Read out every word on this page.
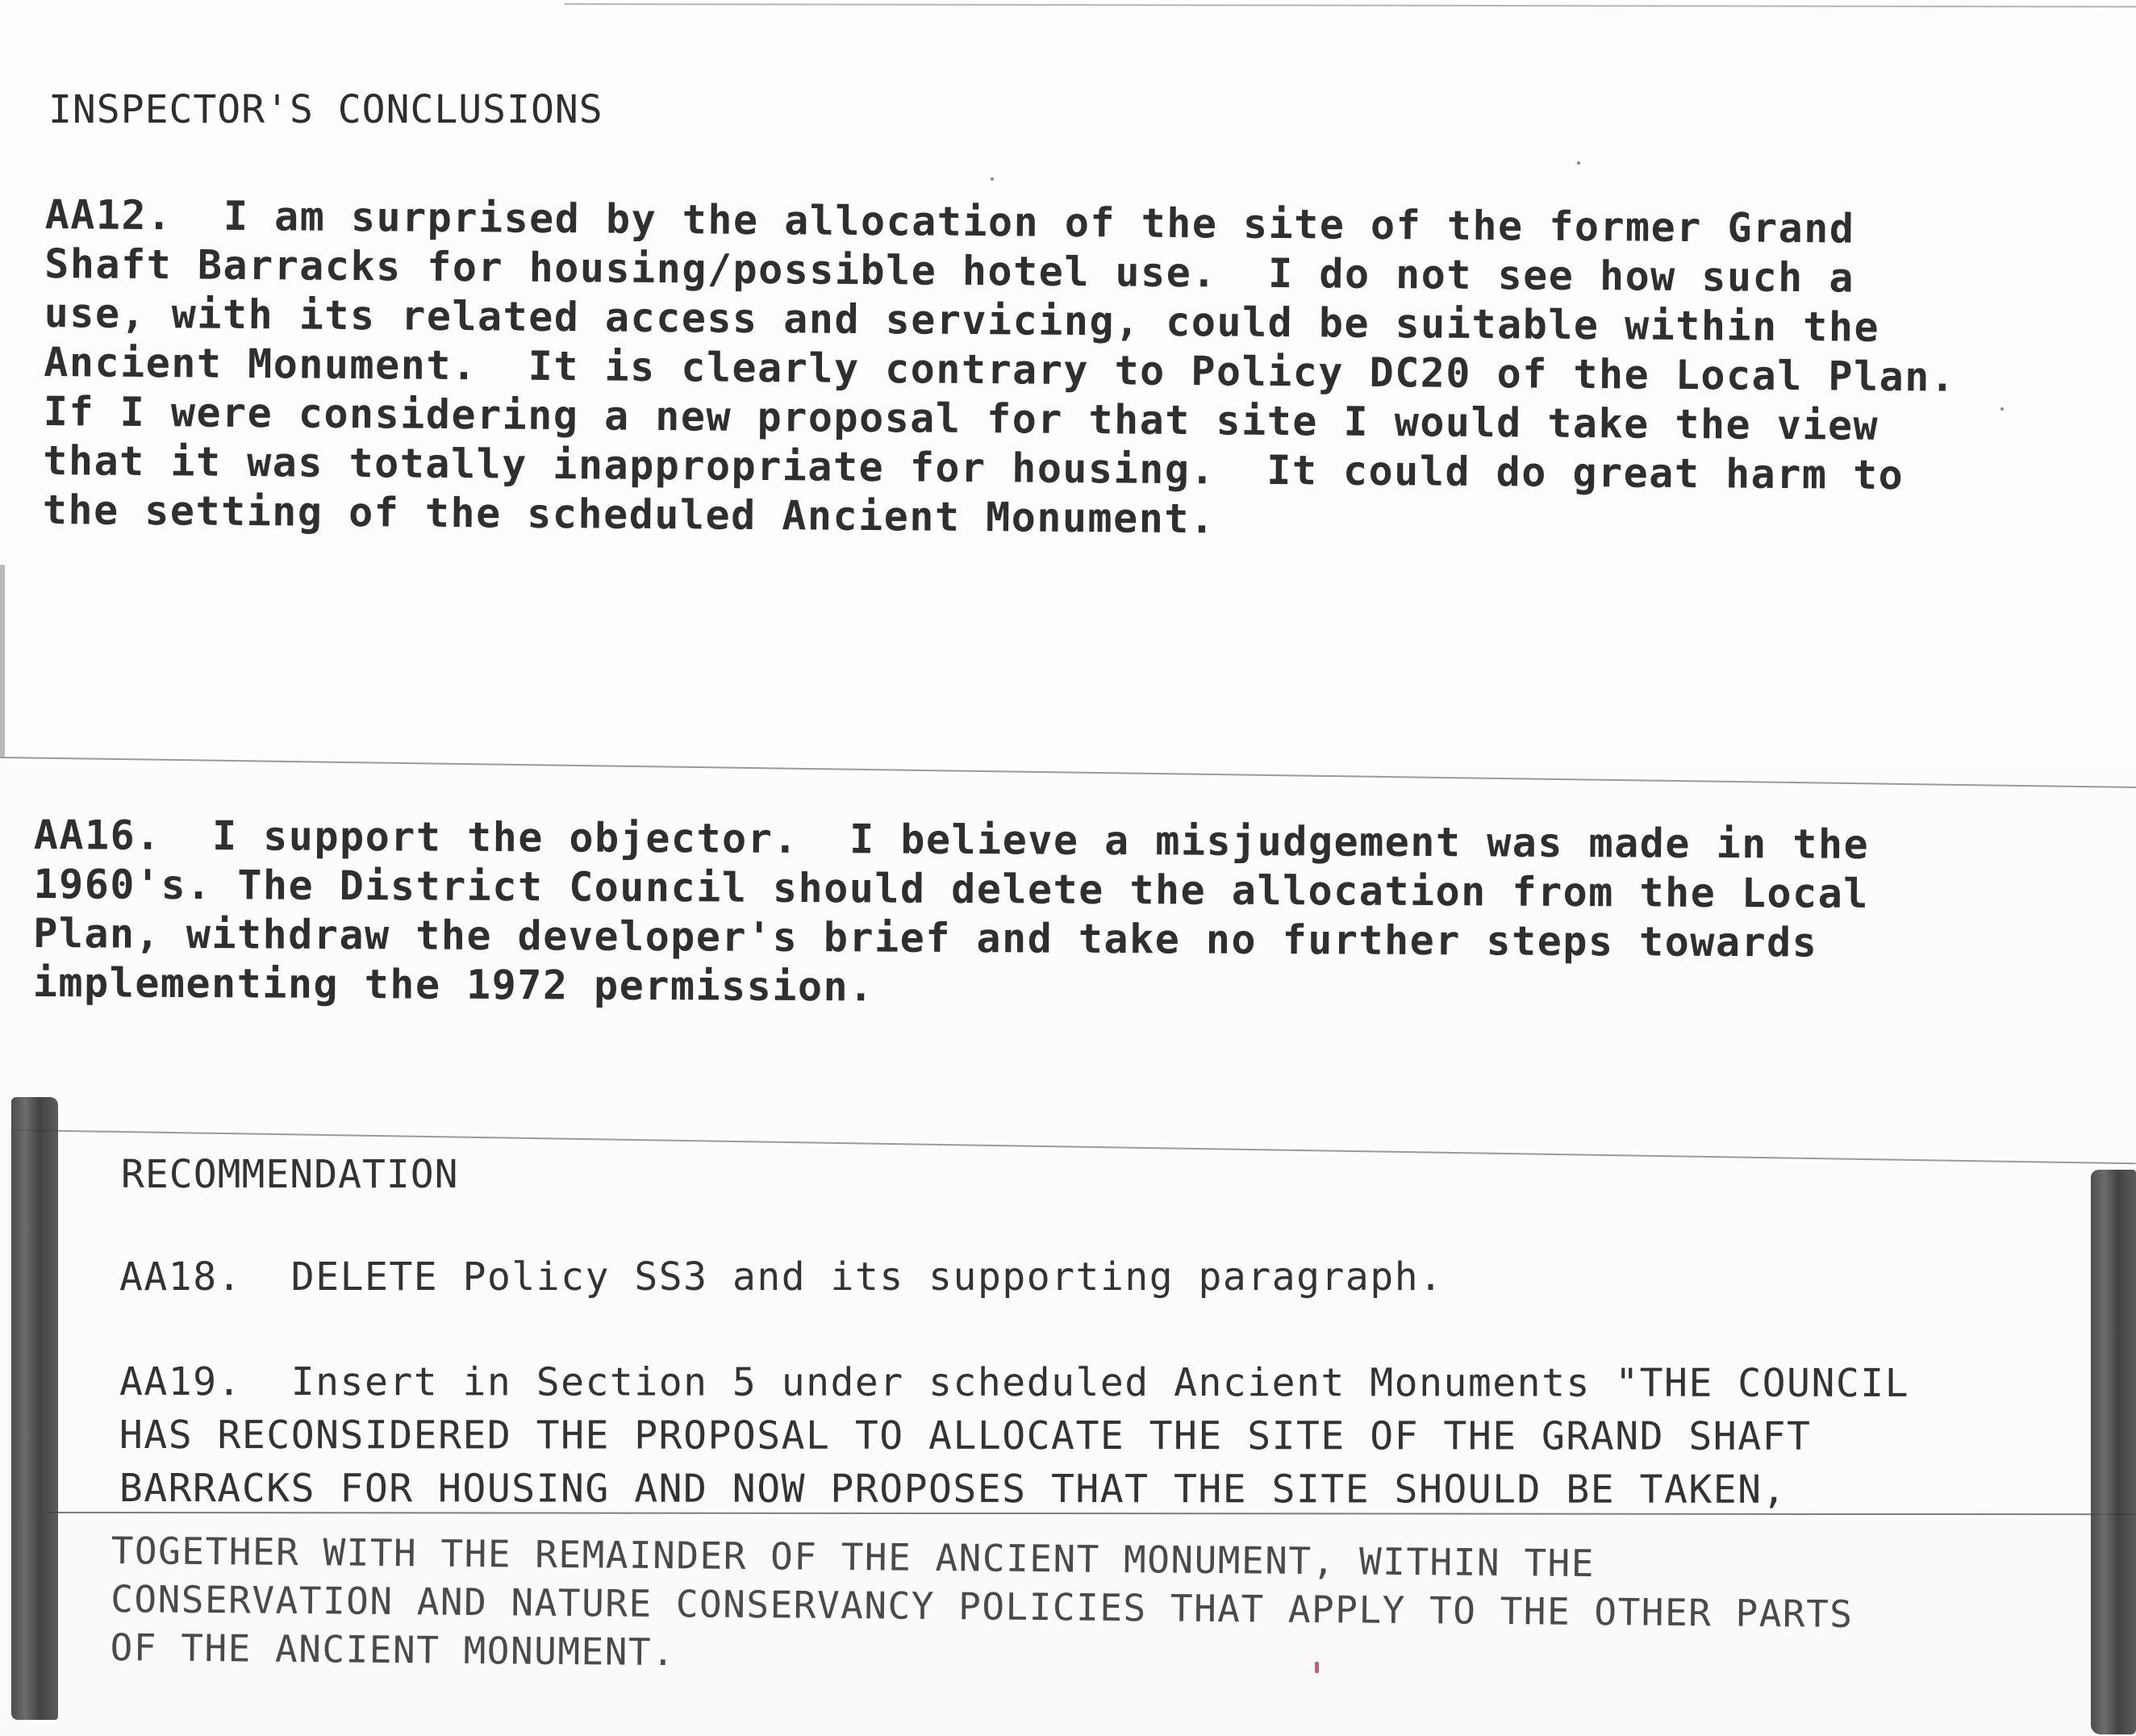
INSPECTOR'S CONCLUSIONS

AA12.  I am surprised by the allocation of the site of the former Grand
Shaft Barracks for housing/possible hotel use.  I do not see how such a
use, with its related access and servicing, could be suitable within the
Ancient Monument.  It is clearly contrary to Policy DC20 of the Local Plan.
If I were considering a new proposal for that site I would take the view
that it was totally inappropriate for housing.  It could do great harm to
the setting of the scheduled Ancient Monument.

AA16.  I support the objector.  I believe a misjudgement was made in the
1960's. The District Council should delete the allocation from the Local
Plan, withdraw the developer's brief and take no further steps towards
implementing the 1972 permission.

RECOMMENDATION

AA18.  DELETE Policy SS3 and its supporting paragraph.

AA19.  Insert in Section 5 under scheduled Ancient Monuments "THE COUNCIL
HAS RECONSIDERED THE PROPOSAL TO ALLOCATE THE SITE OF THE GRAND SHAFT
BARRACKS FOR HOUSING AND NOW PROPOSES THAT THE SITE SHOULD BE TAKEN,

TOGETHER WITH THE REMAINDER OF THE ANCIENT MONUMENT, WITHIN THE
CONSERVATION AND NATURE CONSERVANCY POLICIES THAT APPLY TO THE OTHER PARTS
OF THE ANCIENT MONUMENT.
